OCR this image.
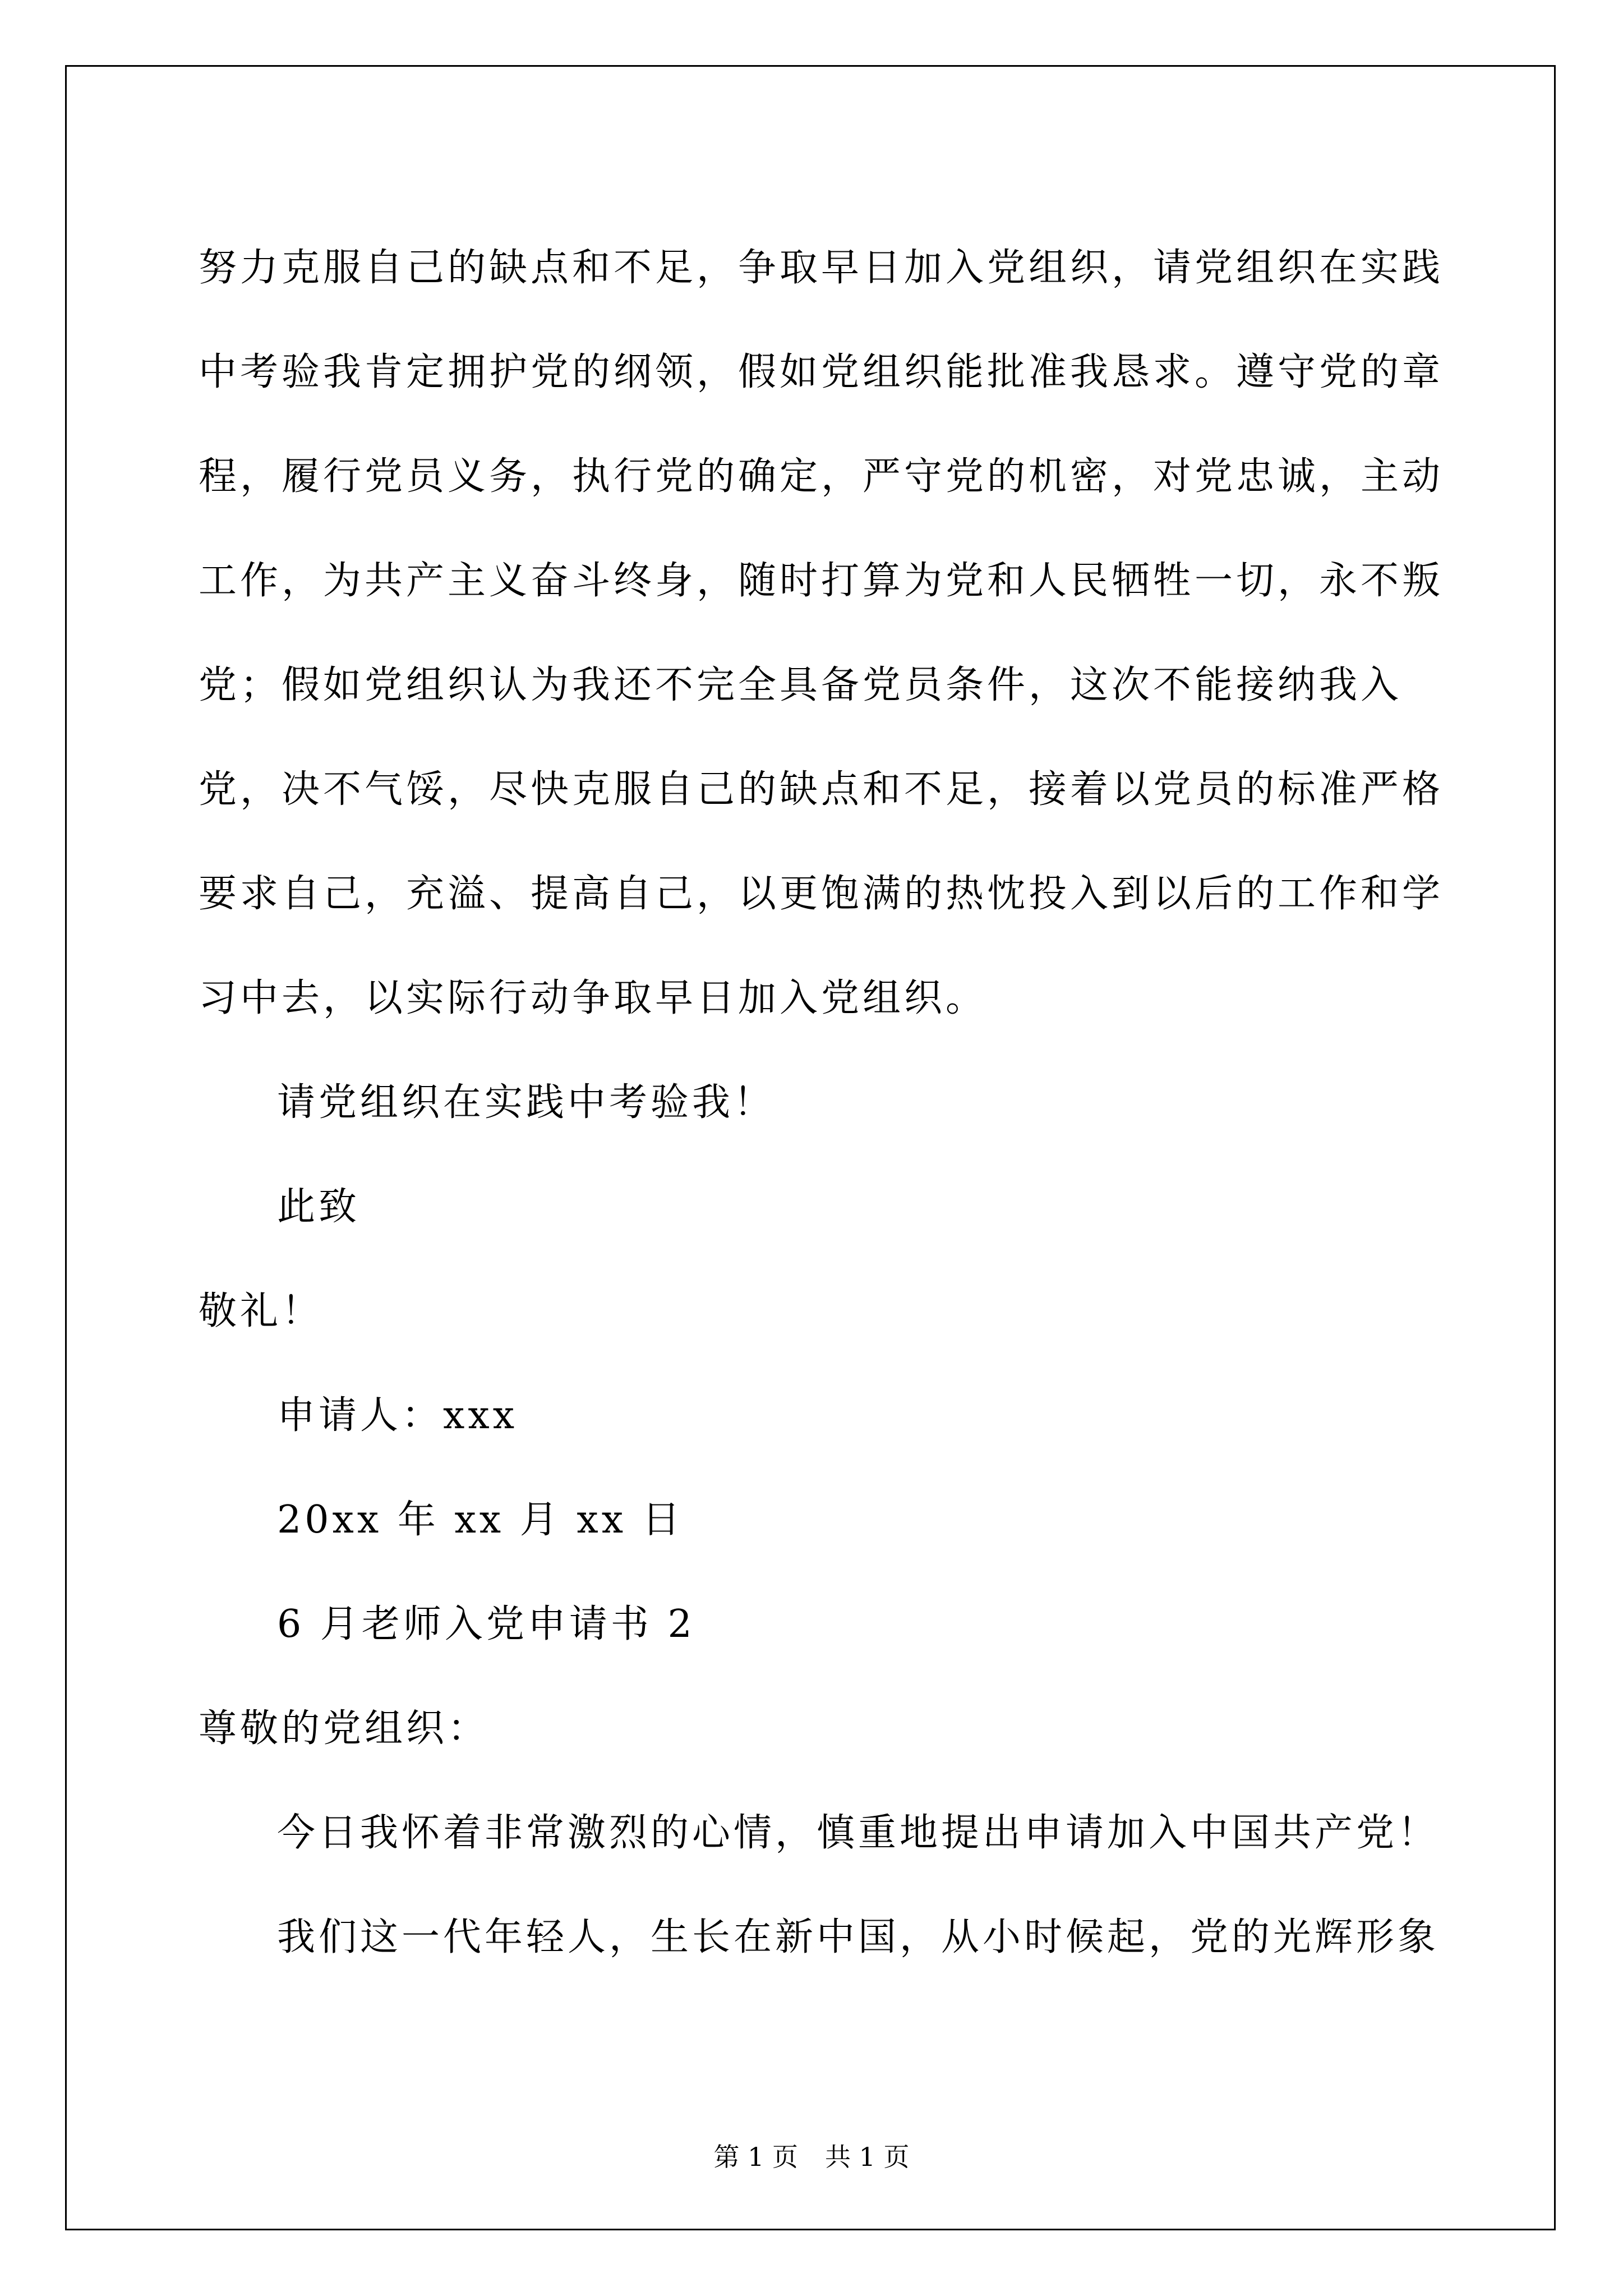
努力克服自己的缺点和不足，争取早日加入党组织，请党组织在实践中考验我肯定拥护党的纲领，假如党组织能批准我恳求。遵守党的章程，履行党员义务，执行党的确定，严守党的机密，对党忠诚，主动工作，为共产主义奋斗终身，随时打算为党和人民牺牲一切，永不叛党；假如党组织认为我还不完全具备党员条件，这次不能接纳我入党，决不气馁，尽快克服自己的缺点和不足，接着以党员的标准严格要求自己，充溢、提高自己，以更饱满的热忱投入到以后的工作和学习中去，以实际行动争取早日加入党组织。

请党组织在实践中考验我！

此致

敬礼！

申请人：xxx

20xx 年 xx 月 xx 日

6 月老师入党申请书 2

尊敬的党组织：

今日我怀着非常激烈的心情，慎重地提出申请加入中国共产党！

我们这一代年轻人，生长在新中国，从小时候起，党的光辉形象

第 1 页 共 1 页
